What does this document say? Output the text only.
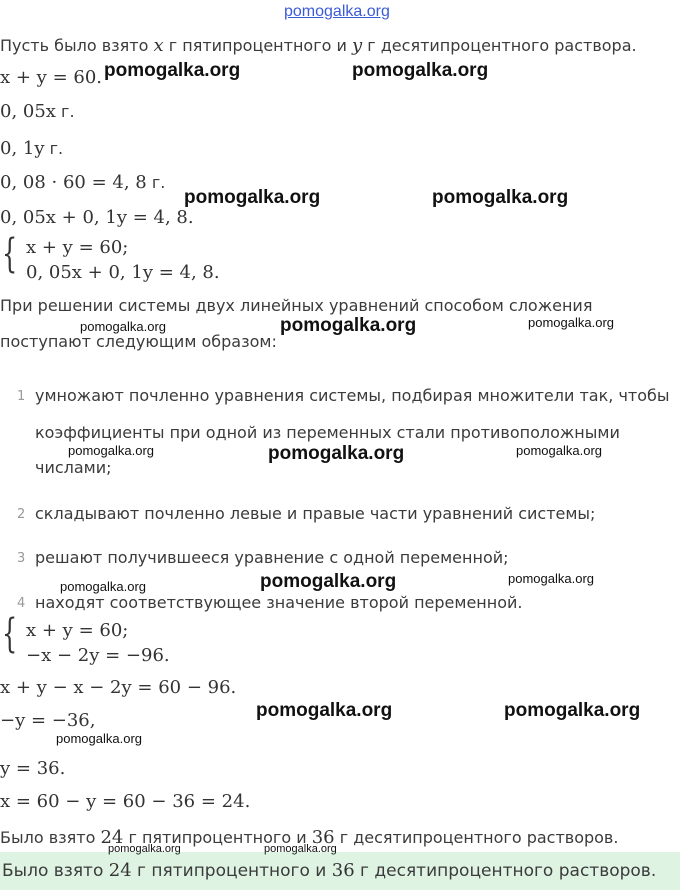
pomogalka.org
Пусть было взято x г пятипроцентного и y г десятипроцентного раствора.
x + y = 60.
0, 05x г.
0, 1y г.
0, 08 · 60 = 4, 8 г.
0, 05x + 0, 1y = 4, 8.
{ x + y = 60;
0, 05x + 0, 1y = 4, 8.
При решении системы двух линейных уравнений способом сложения
поступают следующим образом:
1 умножают почленно уравнения системы, подбирая множители так, чтобы
коэффициенты при одной из переменных стали противоположными
числами;
2 складывают почленно левые и правые части уравнений системы;
3 решают получившееся уравнение с одной переменной;
4 находят соответствующее значение второй переменной.
{ x + y = 60;
−x − 2y = −96.
x + y − x − 2y = 60 − 96.
−y = −36,
y = 36.
x = 60 − y = 60 − 36 = 24.
Было взято 24 г пятипроцентного и 36 г десятипроцентного растворов.
Было взято 24 г пятипроцентного и 36 г десятипроцентного растворов.
pomogalka.org	pomogalka.org
pomogalka.org	pomogalka.org
pomogalka.org	pomogalka.org	pomogalka.org
pomogalka.org	pomogalka.org	pomogalka.org
pomogalka.org	pomogalka.org	pomogalka.org
pomogalka.org	pomogalka.org
pomogalka.org
pomogalka.org	pomogalka.org
